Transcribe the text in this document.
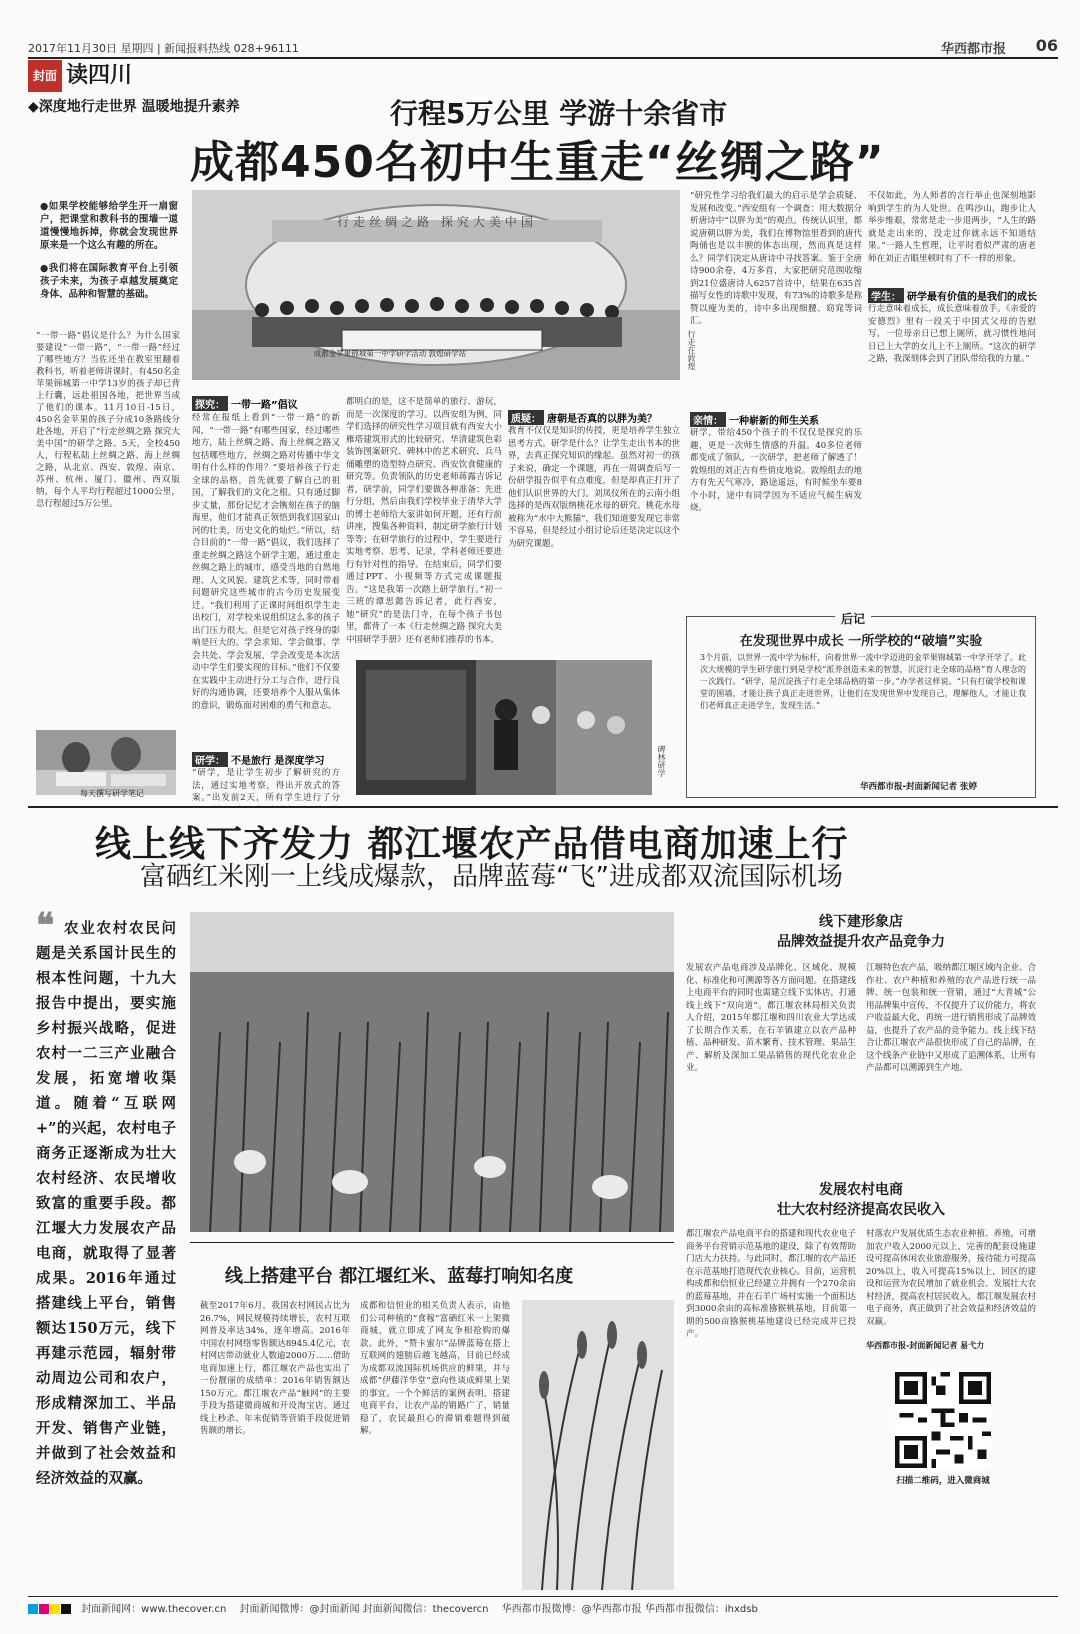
2017年11月30日 星期四 | 新闻报料热线 028+96111	华西都市报 06
封面 读四川
◆深度地行走世界 温暖地提升素养	行程5万公里 学游十余省市
成都450名初中生重走“丝绸之路”
●如果学校能够给学生开一扇窗户，把课堂和教科书的围墙一道道慢慢地拆掉，你就会发现世界原来是一个这么有趣的所在。
●我们将在国际教育平台上引领孩子未来，为孩子卓越发展奠定身体、品种和智慧的基础。
“一带一路”倡议是什么？为什么国家要建设“一带一路”，“一带一路”经过了哪些地方？当佐还坐在教室里翻着教科书，听着老师讲课时，有450名金苹果锦城第一中学13岁的孩子却已背上行囊，远赴祖国各地，把世界当成了他们的课本。11月10日-15日，450名金苹果的孩子分成10条路线分赴各地，开启了“行走丝绸之路 探究大美中国”的研学之路。5天，全校450人，行程私陆上丝绸之路、海上丝绸之路，从北京、西安、敦煌、南京、苏州、杭州、厦门、徽州、西双版纳，每个人平均行程超过1000公里，总行程超过5万公里。
每天撰写研学笔记
行走丝绸之路 探究大美中国
成都金苹果锦城第一中学研学活动 敦煌研学站	行走在敦煌
探究： 一带一路”倡议
经常在报纸上看到“一带一路”的新闻，“一带一路”有哪些国家，经过哪些地方，陆上丝绸之路、海上丝绸之路又包括哪些地方，丝绸之路对传播中华文明有什么样的作用？“要培养孩子行走全球的品格，首先就要了解自己的祖国，了解我们的文化之根。只有通过脚步丈量，那份记忆才会镌刻在孩子的脑海里，他们才能真正领悟到我们国家山河的壮美，历史文化的灿烂。”所以，结合目前的“一带一路”倡议，我们选择了重走丝绸之路这个研学主题，通过重走丝绸之路上的城市，感受当地的自然地理、人文风貌、建筑艺术等，同时带着问题研究这些城市的古今历史发展变迁。“我们利用了正课时间组织学生走出校门，对学校来说组织这么多的孩子出门压力很大。但是它对孩子终身的影响是巨大的。学会求知、学会做事、学会共处、学会发展，学会改变是本次活动中学生们要实现的目标。”他们不仅要在实践中主动进行分工与合作，进行良好的沟通协调，还要培养个人服从集体的意识，锻炼面对困难的勇气和意志。
研学： 不是旅行 是深度学习
“研学，是让学生初步了解研究的方法，通过实地考察，得出开放式的答案。”出发前2天，所有学生进行了分
都明白的是，这不是简单的旅行、游玩，而是一次深度的学习。以西安组为例，同学们选择的研究性学习项目就有西安大小雁塔建筑形式的比较研究、华清建筑色彩装饰图案研究、碑林中的艺术研究、兵马俑雕塑的造型特点研究、西安饮食健康的研究等。负责领队的历史老师蒋露吉诉记者，研学前，同学们要做各种准备：先进行分组，然后由我们学校毕业于清华大学的博士老师给大家讲如何开题，还有行前讲座，搜集各种资料，制定研学旅行计划等等；在研学旅行的过程中，学生要进行实地考察、思考、记录，学科老师还要进行有针对性的指导。在结束后，同学们要通过PPT、小视频等方式完成课题报告。“这是我第一次踏上研学旅行。”初一三班的谭思懿告诉记者，此行西安，她“研究”的是法门寺，在每个孩子书包里，都背了一本《行走丝绸之路 探究大美中国研学手册》还有老师们推荐的书本。
质疑： 唐朝是否真的以胖为美？
教育不仅仅是知识的传授，更是培养学生独立思考方式。研学是什么？让学生走出书本的世界，去真正探究知识的缘起。虽然对初一的孩子来说，确定一个课题，再在一周调查后写一份研学报告似乎有点难度，但是却真正打开了他们认识世界的大门。刘凤仪所在的云南小组选择的是西双版纳桃花水母的研究。桃花水母被称为“水中大熊猫”，我们知道要发现它非常不容易，但是经过小组讨论后还是决定以这个为研究课题。
碑林研学
“研究性学习给我们最大的启示是学会质疑、发展和改变。”西安组有一个调查：用大数据分析唐诗中“以胖为美”的观点。传统认识里，都说唐朝以胖为美，我们在博物馆里看到的唐代陶俑也是以丰腴的体态出现，然而真是这样么？同学们决定从唐诗中寻找答案。鉴于全唐诗900余卷，4万多首，大家把研究范围收缩到21位盛唐诗人6257首诗中，结果在635首描写女性的诗歌中发现，有73%的诗歌多是称赞以瘦为美的，诗中多出现细腰、窈窕等词汇。
亲情： 一种崭新的师生关系
研学，带给450个孩子的不仅仅是探究的乐趣，更是一次师生情感的升温。40多位老师都变成了领队，一次研学，把老师了解透了！敦煌组的刘正吉有些俏皮地说。敦煌组去的地方有先天气寒冷，路途遥远，有时候坐车要8个小时，途中有同学因为不适应气候生病发烧。
不仅如此，为人师者的言行举止也深刻地影响到学生的为人处世。在鸣沙山，跑步让人举步维艰，常常是走一步退两步，“人生的路就是走出来的，没走过你就永远不知道结果。”一路人生哲理，让平时看似严肃的唐老师在刘正吉眼里顿时有了不一样的形象。
学生： 研学最有价值的是我们的成长
行走意味着成长，成长意味着放手。《亲爱的安德烈》里有一段关于中国式父母的告慰写，一位母亲日已想上厕所，就习惯性地问日已上大学的女儿上不上厕所。“这次的研学之路，我深刻体会到了团队带给我的力量。”
后记
在发现世界中成长 一所学校的“破墙”实验
3个月前，以世界一流中学为标杆，向着世界一流中学迈进的金苹果锦城第一中学开学了。此次大规模的学生研学旅行到是学校“派养创造未来的智慧，沉淀行走全球的品格”育人理念的一次践行。“研学，是沉淀孩子行走全球品格的第一步。”办学者这样说。“只有打破学校和课堂的围墙，才能让孩子真正走进世界，让他们在发现世界中发现自己，理解他人，才能让我们老师真正走进学生，发现生活。”
华西都市报-封面新闻记者 张婷
线上线下齐发力 都江堰农产品借电商加速上行
富硒红米刚一上线成爆款，品牌蓝莓“飞”进成都双流国际机场
❝ 农业农村农民问题是关系国计民生的根本性问题，十九大报告中提出，要实施乡村振兴战略，促进农村一二三产业融合发展，拓宽增收渠道。随着“互联网+”的兴起，农村电子商务正逐渐成为壮大农村经济、农民增收致富的重要手段。都江堰大力发展农产品电商，就取得了显著成果。2016年通过搭建线上平台，销售额达150万元，线下再建示范园，辐射带动周边公司和农户，形成精深加工、半品开发、销售产业链，并做到了社会效益和经济效益的双赢。
线上搭建平台 都江堰红米、蓝莓打响知名度
截至2017年6月，我国农村网民占比为26.7%，网民规模持续增长，农村互联网普及率达34%，逐年增高。2016年中国农村网络零售额达8945.4亿元，农村网店带动就业人数逾2000万……借助电商加速上行，都江堰农产品也实出了一份靓丽的成绩单：2016年销售额达150万元。都江堰农产品“触网”的主要手段为搭建微商城和开设淘宝店。通过线上秒杀、年末促销等营销手段促进销售额的增长。
成都和信恒业的相关负责人表示，由他们公司种植的“食稼”富硒红米一上架微商城，就立即成了网友争相抢购的爆款。此外，“赞卡蜜尔”品牌蓝莓在搭上互联网的翅膀后越飞越高，目前已经成为成都双流国际机场供应的鲜果，并与成都“伊藤洋华堂”意向性谈成鲜果上架的事宜。一个个鲜活的案例表明，搭建电商平台，让农产品的销路广了，销量稳了，农民最担心的滞销难题得到破解。
线下建形象店
品牌效益提升农产品竞争力
发展农产品电商涉及品牌化、区域化、规模化、标准化和可溯源等各方面问题。在搭建线上电商平台的同时也需建立线下实体店，打通线上线下“双向道”。都江堰农林局相关负责人介绍，2015年都江堰和四川农业大学达成了长期合作关系，在石羊镇建立以农产品种植、品种研发、苗木繁育、技术管理、果品生产、解析及深加工果品销售的现代化农业企业。
江堰特色农产品，吸纳都江堰区域内企业、合作社、农户种植和养殖的农产品进行统一品牌、统一包装和统一营销，通过“大青城”公用品牌集中宣传，不仅提升了议价能力，将农户收益最大化，再统一进行销售形成了品牌效益，也提升了农产品的竞争能力。线上线下结合让都江堰农产品很快形成了自己的品牌，在这个线条产业链中又形成了追溯体系，让所有产品都可以溯源到生产地。
发展农村电商
壮大农村经济提高农民收入
都江堰农产品电商平台的搭建和现代农业电子商务平台营销示范基地的建设，除了有效帮助门店大力扶持。与此同时，都江堰的农产品还在示范基地打造现代农业核心。目前，运营机构成都和信恒业已经建立并拥有一个270余亩的蓝莓基地，并在石羊广场村实施一个面积达到3000余亩的高标准猕猴桃基地，目前第一期的500亩猕猴桃基地建设已经完成并已投产。
村落农户发展优质生态农业种植、养殖，可增加农户收入2000元以上，完善的配套设施建设可提高休闲农业旅游服务，接待能力可提高20%以上，收入可提高15%以上，回区的建设和运营为农民增加了就业机会。发展壮大农村经济，提高农村居民收入，都江堰发展农村电子商务，真正做到了社会效益和经济效益的双赢。
华西都市报-封面新闻记者 易弋力
扫描二维码，进入微商城
封面新闻网：www.thecover.cn 封面新闻微博：@封面新闻 封面新闻微信：thecovercn 华西都市报微博：@华西都市报 华西都市报微信：ihxdsb
